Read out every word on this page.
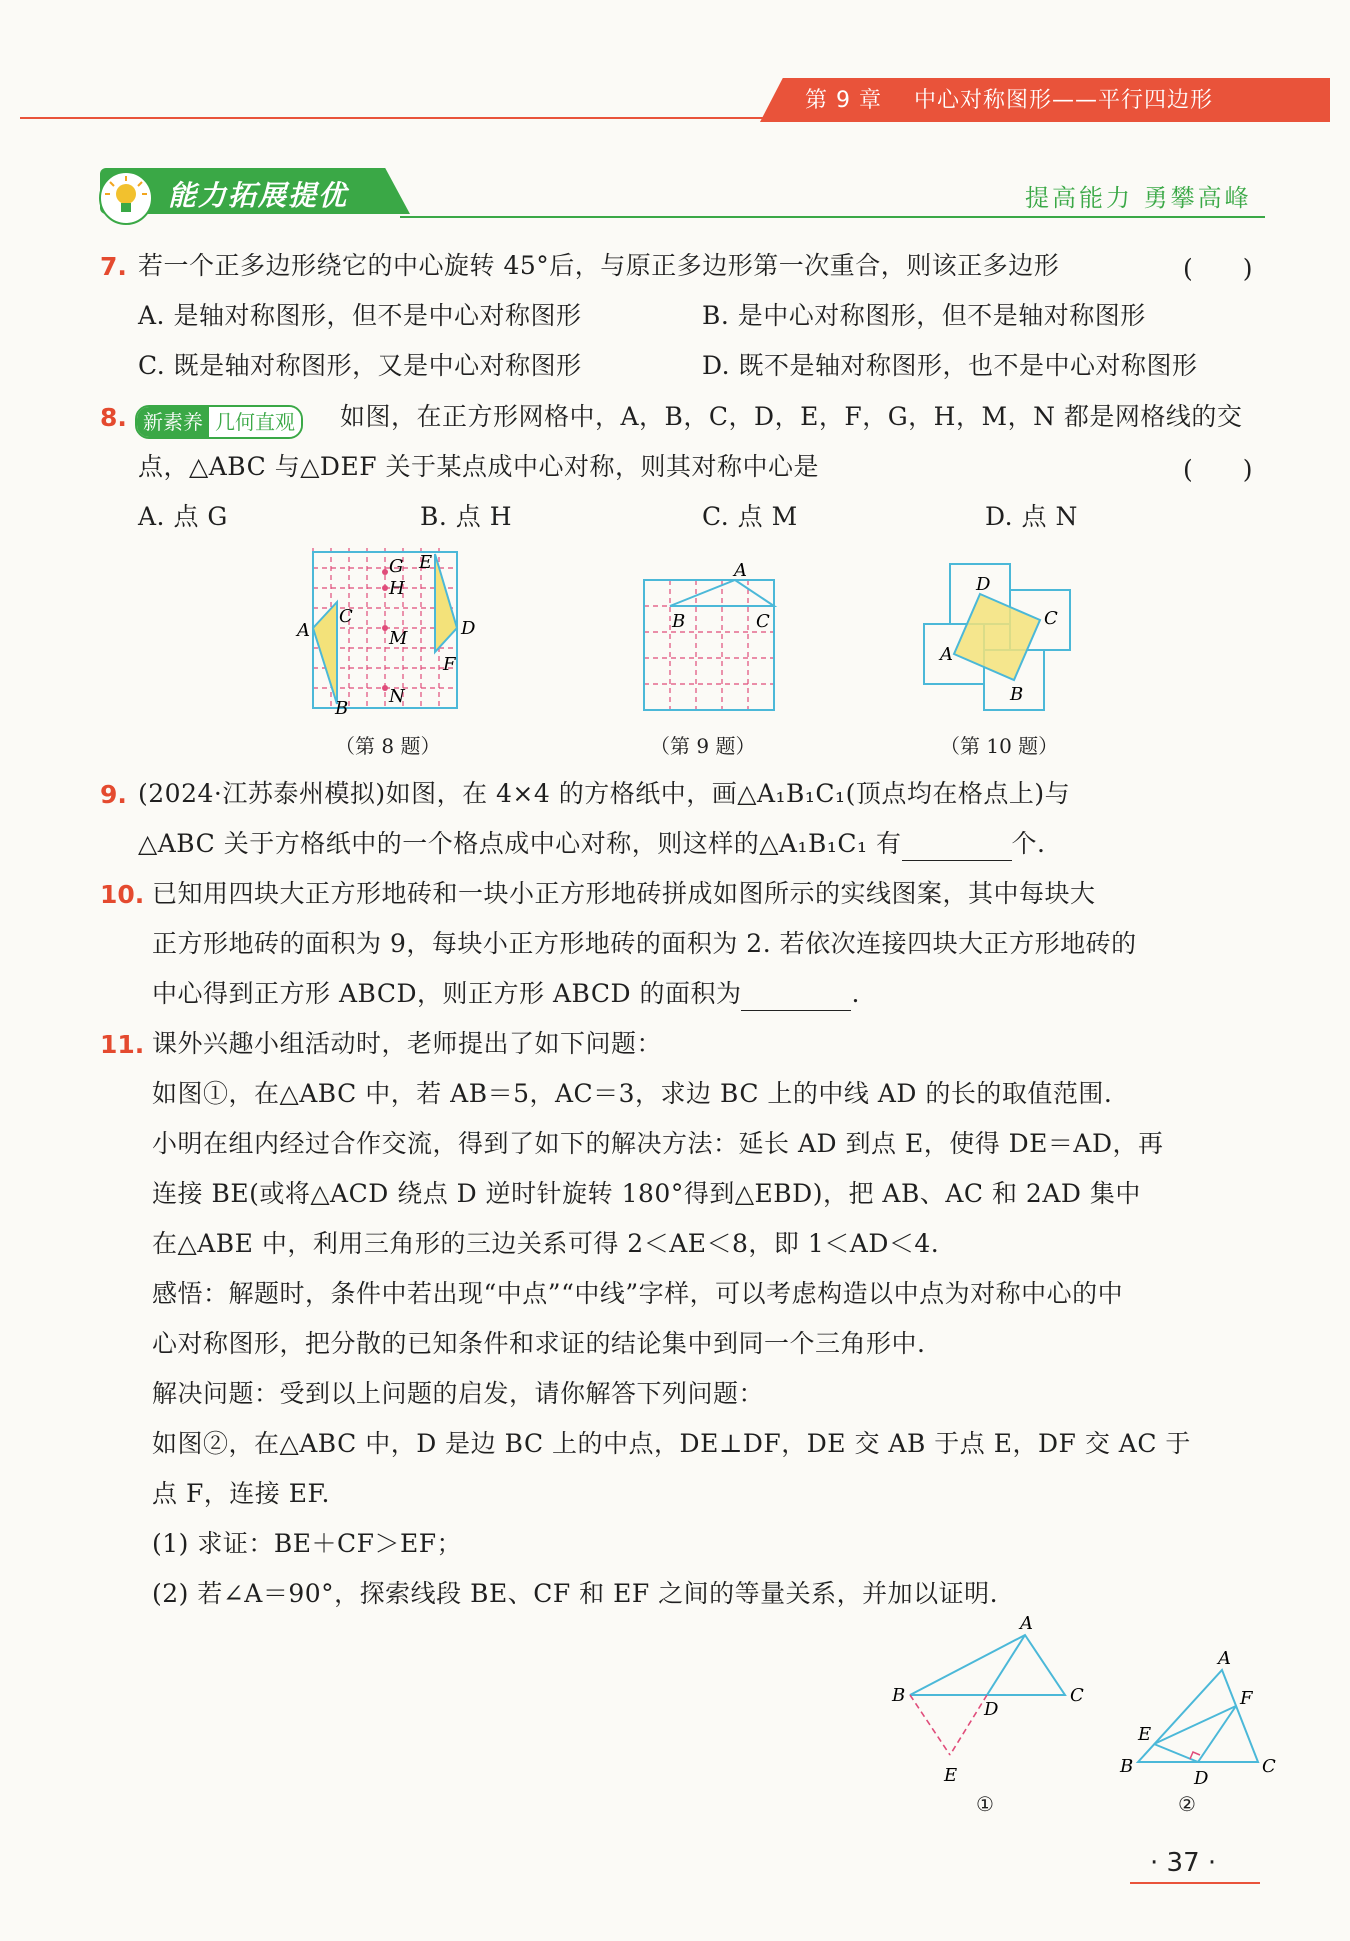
第 9 章 中心对称图形——平行四边形
能力拓展提优	提高能力 勇攀高峰
7. 若一个正多边形绕它的中心旋转 45°后，与原正多边形第一次重合，则该正多边形	(　　)
A. 是轴对称图形，但不是中心对称图形	B. 是中心对称图形，但不是轴对称图形
C. 既是轴对称图形，又是中心对称图形	D. 既不是轴对称图形，也不是中心对称图形
8. 新素养 几何直观 如图，在正方形网格中，A，B，C，D，E，F，G，H，M，N 都是网格线的交
点，△ABC 与△DEF 关于某点成中心对称，则其对称中心是	(　　)
A. 点 G	B. 点 H	C. 点 M	D. 点 N
A
C
B
G
H
M
N
E
D
F
（第 8 题）
A
B	C
（第 9 题）
D
C
A
B
（第 10 题）
9. (2024·江苏泰州模拟)如图，在 4×4 的方格纸中，画△A₁B₁C₁(顶点均在格点上)与
△ABC 关于方格纸中的一个格点成中心对称，则这样的△A₁B₁C₁ 有	个.
10. 已知用四块大正方形地砖和一块小正方形地砖拼成如图所示的实线图案，其中每块大
正方形地砖的面积为 9，每块小正方形地砖的面积为 2. 若依次连接四块大正方形地砖的
中心得到正方形 ABCD，则正方形 ABCD 的面积为	.
11. 课外兴趣小组活动时，老师提出了如下问题：
如图①，在△ABC 中，若 AB＝5，AC＝3，求边 BC 上的中线 AD 的长的取值范围.
小明在组内经过合作交流，得到了如下的解决方法：延长 AD 到点 E，使得 DE＝AD，再
连接 BE(或将△ACD 绕点 D 逆时针旋转 180°得到△EBD)，把 AB、AC 和 2AD 集中
在△ABE 中，利用三角形的三边关系可得 2＜AE＜8，即 1＜AD＜4.
感悟：解题时，条件中若出现“中点”“中线”字样，可以考虑构造以中点为对称中心的中
心对称图形，把分散的已知条件和求证的结论集中到同一个三角形中.
解决问题：受到以上问题的启发，请你解答下列问题：
如图②，在△ABC 中，D 是边 BC 上的中点，DE⊥DF，DE 交 AB 于点 E，DF 交 AC 于
点 F，连接 EF.
(1) 求证：BE＋CF＞EF；
(2) 若∠A＝90°，探索线段 BE、CF 和 EF 之间的等量关系，并加以证明.
A
B	C
D
E
①
A
B	C
D
E
F
②
· 37 ·
